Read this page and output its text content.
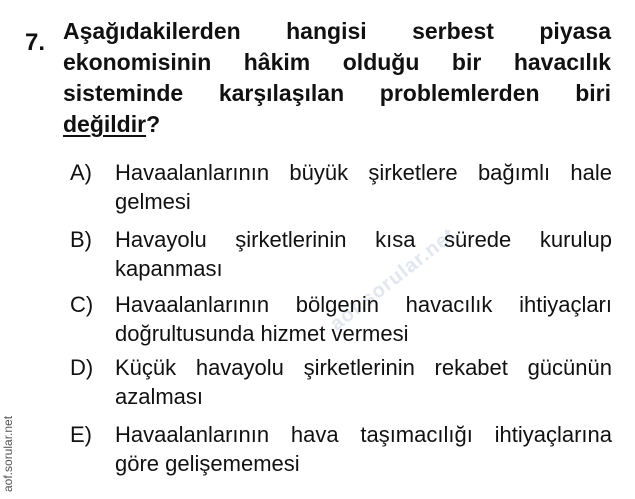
aof.sorular.net
aof.sorular.net
7. Aşağıdakilerden hangisi serbest piyasa ekonomisinin hâkim olduğu bir havacılık sisteminde karşılaşılan problemlerden biri değildir?
A)	Havaalanlarının büyük şirketlere bağımlı hale gelmesi
B)	Havayolu şirketlerinin kısa sürede kurulup kapanması
C) Havaalanlarının bölgenin havacılık ihtiyaçları doğrultusunda hizmet vermesi
D) Küçük havayolu şirketlerinin rekabet gücünün azalması
E)	Havaalanlarının hava taşımacılığı ihtiyaçlarına göre gelişememesi
